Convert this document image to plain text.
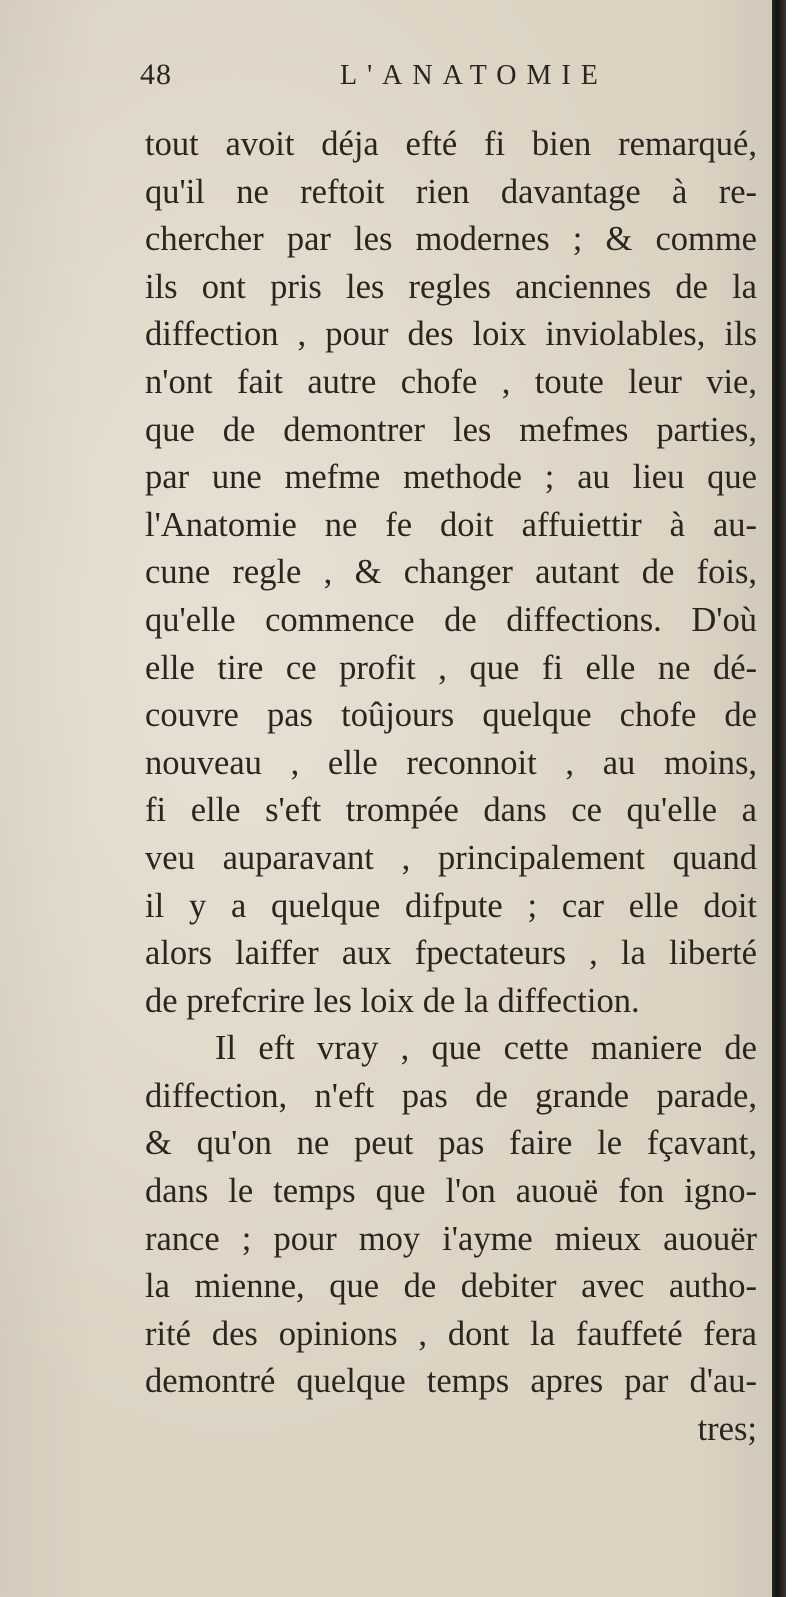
48	L'ANATOMIE
tout avoit déja efté fi bien remarqué,
qu'il ne reftoit rien davantage à re-
chercher par les modernes ; & comme
ils ont pris les regles anciennes de la
diffection , pour des loix inviolables, ils
n'ont fait autre chofe , toute leur vie,
que de demontrer les mefmes parties,
par une mefme methode ; au lieu que
l'Anatomie ne fe doit affuiettir à au-
cune regle , & changer autant de fois,
qu'elle commence de diffections. D'où
elle tire ce profit , que fi elle ne dé-
couvre pas toûjours quelque chofe de
nouveau , elle reconnoit , au moins,
fi elle s'eft trompée dans ce qu'elle a
veu auparavant , principalement quand
il y a quelque difpute ; car elle doit
alors laiffer aux fpectateurs , la liberté
de prefcrire les loix de la diffection.
Il eft vray , que cette maniere de
diffection, n'eft pas de grande parade,
& qu'on ne peut pas faire le fçavant,
dans le temps que l'on auouë fon igno-
rance ; pour moy i'ayme mieux auouër
la mienne, que de debiter avec autho-
rité des opinions , dont la fauffeté fera
demontré quelque temps apres par d'au-
tres;
